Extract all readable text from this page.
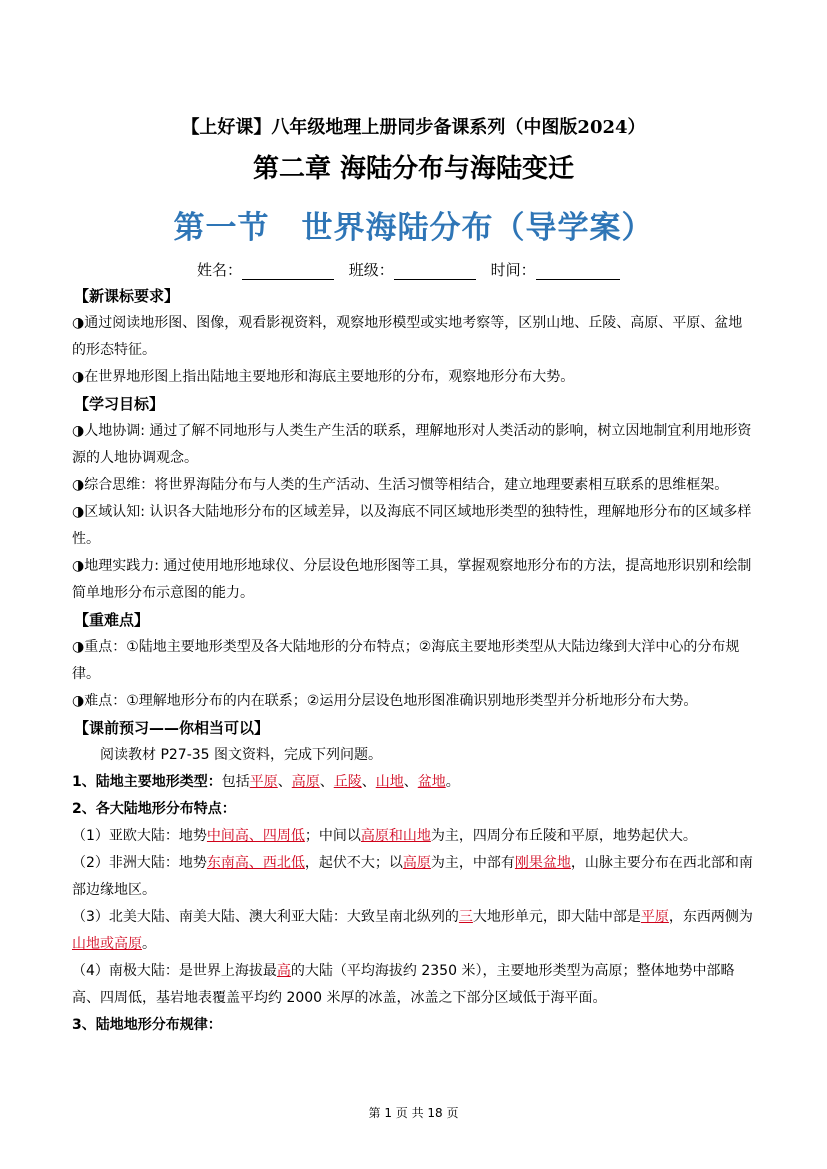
【上好课】八年级地理上册同步备课系列（中图版2024）
第二章 海陆分布与海陆变迁
第一节　世界海陆分布（导学案）
姓名：	班级：	时间：

【新课标要求】

◑通过阅读地形图、图像，观看影视资料，观察地形模型或实地考察等，区别山地、丘陵、高原、平原、盆地的形态特征。

◑在世界地形图上指出陆地主要地形和海底主要地形的分布，观察地形分布大势。

【学习目标】

◑人地协调: 通过了解不同地形与人类生产生活的联系，理解地形对人类活动的影响，树立因地制宜利用地形资源的人地协调观念。

◑综合思维：将世界海陆分布与人类的生产活动、生活习惯等相结合，建立地理要素相互联系的思维框架。

◑区域认知: 认识各大陆地形分布的区域差异，以及海底不同区域地形类型的独特性，理解地形分布的区域多样性。

◑地理实践力: 通过使用地形地球仪、分层设色地形图等工具，掌握观察地形分布的方法，提高地形识别和绘制简单地形分布示意图的能力。

【重难点】

◑重点：①陆地主要地形类型及各大陆地形的分布特点；②海底主要地形类型从大陆边缘到大洋中心的分布规律。

◑难点：①理解地形分布的内在联系；②运用分层设色地形图准确识别地形类型并分析地形分布大势。

【课前预习——你相当可以】

阅读教材 P27-35 图文资料，完成下列问题。

1、陆地主要地形类型：包括平原、高原、丘陵、山地、盆地。

2、各大陆地形分布特点：

（1）亚欧大陆：地势中间高、四周低；中间以高原和山地为主，四周分布丘陵和平原，地势起伏大。

（2）非洲大陆：地势东南高、西北低，起伏不大；以高原为主，中部有刚果盆地，山脉主要分布在西北部和南部边缘地区。

（3）北美大陆、南美大陆、澳大利亚大陆：大致呈南北纵列的三大地形单元，即大陆中部是平原，东西两侧为山地或高原。

（4）南极大陆：是世界上海拔最高的大陆（平均海拔约 2350 米），主要地形类型为高原；整体地势中部略高、四周低，基岩地表覆盖平均约 2000 米厚的冰盖，冰盖之下部分区域低于海平面。

3、陆地地形分布规律：

第 1 页 共 18 页
